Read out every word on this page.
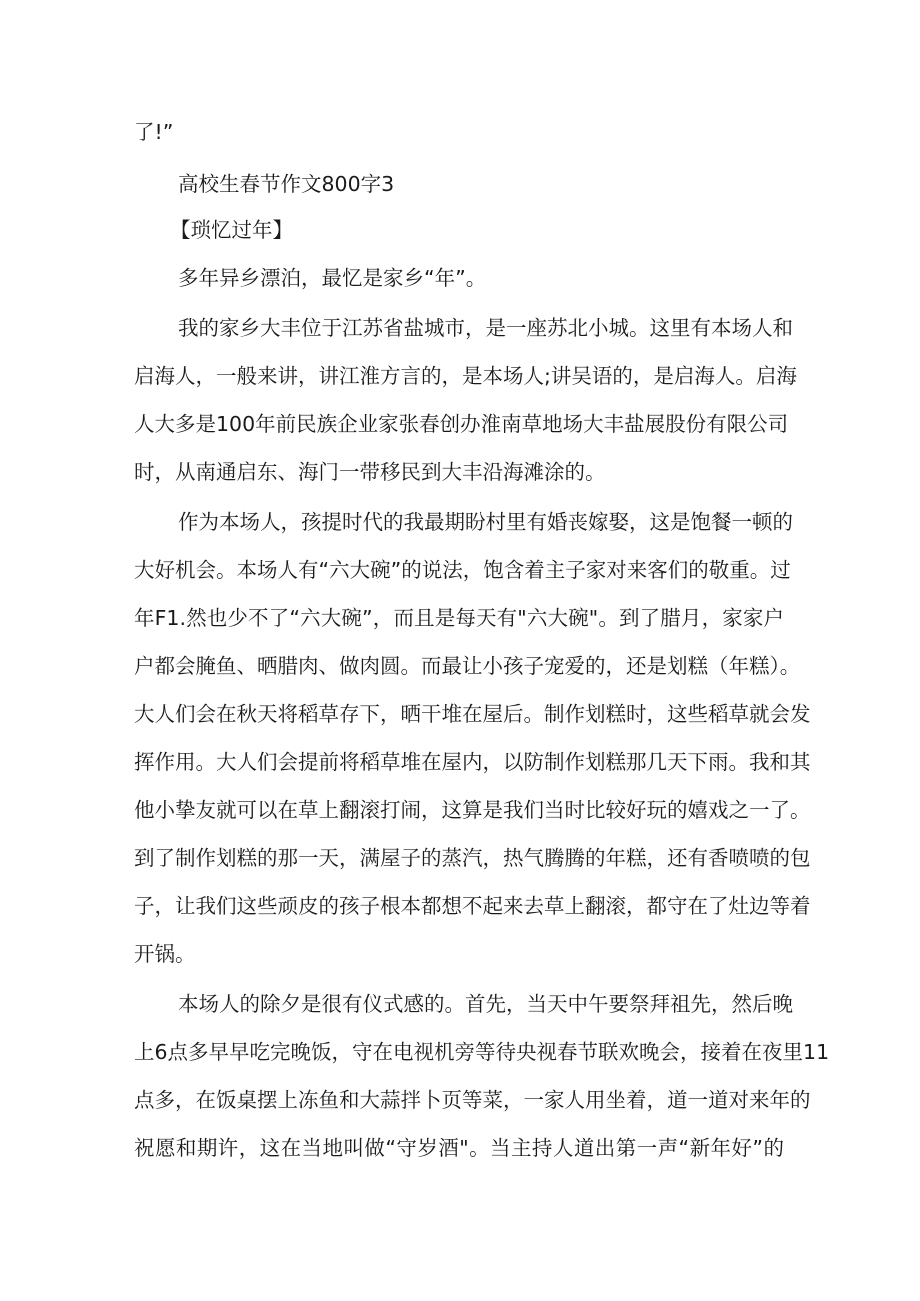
了!”
高校生春节作文800字3
【琐忆过年】
多年异乡漂泊，最忆是家乡“年”。
我的家乡大丰位于江苏省盐城市，是一座苏北小城。这里有本场人和
启海人，一般来讲，讲江淮方言的，是本场人;讲吴语的，是启海人。启海
人大多是100年前民族企业家张春创办淮南草地场大丰盐展股份有限公司
时，从南通启东、海门一带移民到大丰沿海滩涂的。
作为本场人，孩提时代的我最期盼村里有婚丧嫁娶，这是饱餐一顿的
大好机会。本场人有“六大碗”的说法，饱含着主子家对来客们的敬重。过
年F1.然也少不了“六大碗”，而且是每天有"六大碗"。到了腊月，家家户
户都会腌鱼、晒腊肉、做肉圆。而最让小孩子宠爱的，还是划糕（年糕）。
大人们会在秋天将稻草存下，晒干堆在屋后。制作划糕时，这些稻草就会发
挥作用。大人们会提前将稻草堆在屋内，以防制作划糕那几天下雨。我和其
他小挚友就可以在草上翻滚打闹，这算是我们当时比较好玩的嬉戏之一了。
到了制作划糕的那一天，满屋子的蒸汽，热气腾腾的年糕，还有香喷喷的包
子，让我们这些顽皮的孩子根本都想不起来去草上翻滚，都守在了灶边等着
开锅。
本场人的除夕是很有仪式感的。首先，当天中午要祭拜祖先，然后晚
上6点多早早吃完晚饭，守在电视机旁等待央视春节联欢晚会，接着在夜里11
点多，在饭桌摆上冻鱼和大蒜拌卜页等菜，一家人用坐着，道一道对来年的
祝愿和期许，这在当地叫做“守岁酒"。当主持人道出第一声“新年好”的
